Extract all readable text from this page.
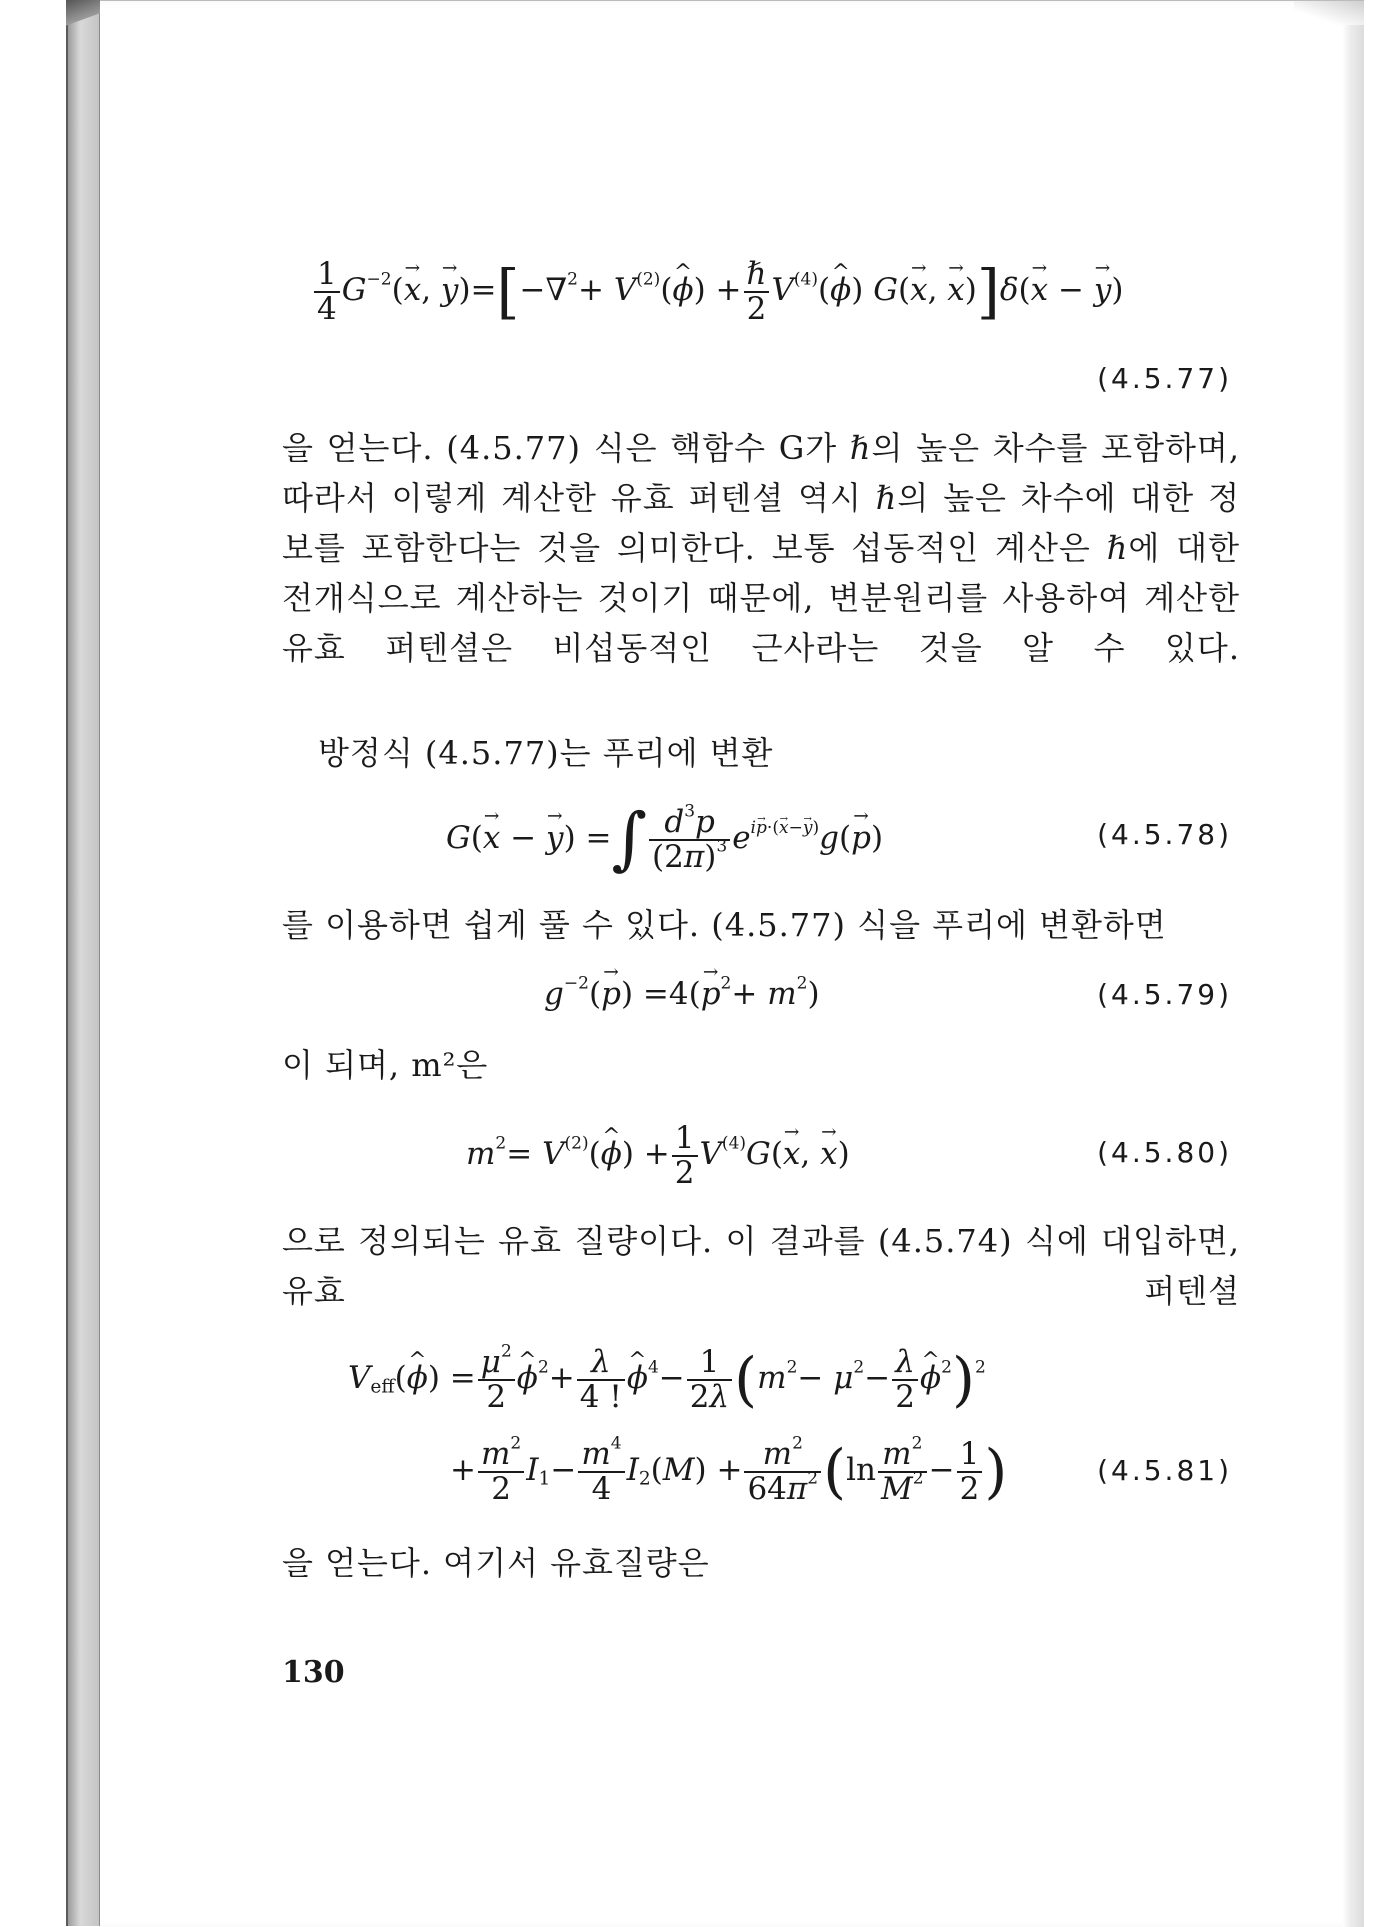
$\frac{1}{4} G^{-2}(\to x$, → $y)=[-\nabla^2+ V^{(2)}(\^{}$ $\phi) + \frac{\text{ℏ}}{2}$ $V^{(4)}(\^{}$ ϕ) G(→ x, → x)]δ(→ x − → y)
(4.5.77)
을 얻는다. (4.5.77) 식은 핵함수 G가 ℏ의 높은 차수를 포함하며, 따라서 이렇게 계산한 유효 퍼텐셜 역시 ℏ의 높은 차수에 대한 정보를 포함한다는 것을 의미한다. 보통 섭동적인 계산은 ℏ에 대한 전개식으로 계산하는 것이기 때문에, 변분원리를 사용하여 계산한 유효 퍼텐셜은 비섭동적인 근사라는 것을 알 수 있다.
방정식 (4.5.77)는 푸리에 변환
G(→ x − → y) =∫ $\frac{d^3p}{(2\pi)^3} e^{ip\cdot(x-y)}g(\to p)$	(4.5.78)
를 이용하면 쉽게 풀 수 있다. (4.5.77) 식을 푸리에 변환하면
$g^{-2}(\to p) =4(\to p^2+ m^2)$	(4.5.79)
이 되며, m²은
$m^2=$ $V^{(2)}(\^{}$ $\phi) + \frac{1}{2} V^{(4)}G(\to x$, → x)	(4.5.80)
으로 정의되는 유효 질량이다. 이 결과를 (4.5.74) 식에 대입하면, 유효 퍼텐셜
$V_{eff}(\^{}$ $\phi) = \frac{\mu^2}{2}$ ^ $\phi^2+ \frac{\lambda}{4 !}$ ^ $\phi^4- \frac{1}{2\lambda} (m^2- \mu^2- \frac{\lambda}{2}$ ^ $\phi^2)^2$
+ $\frac{m^2}{2} I_1- \frac{m^4}{4} I_2(M) + \frac{m^2}{64\pi^2} (\ln \frac{m^2}{M^2} - \frac{1}{2}$ )	(4.5.81)
을 얻는다. 여기서 유효질량은
130
